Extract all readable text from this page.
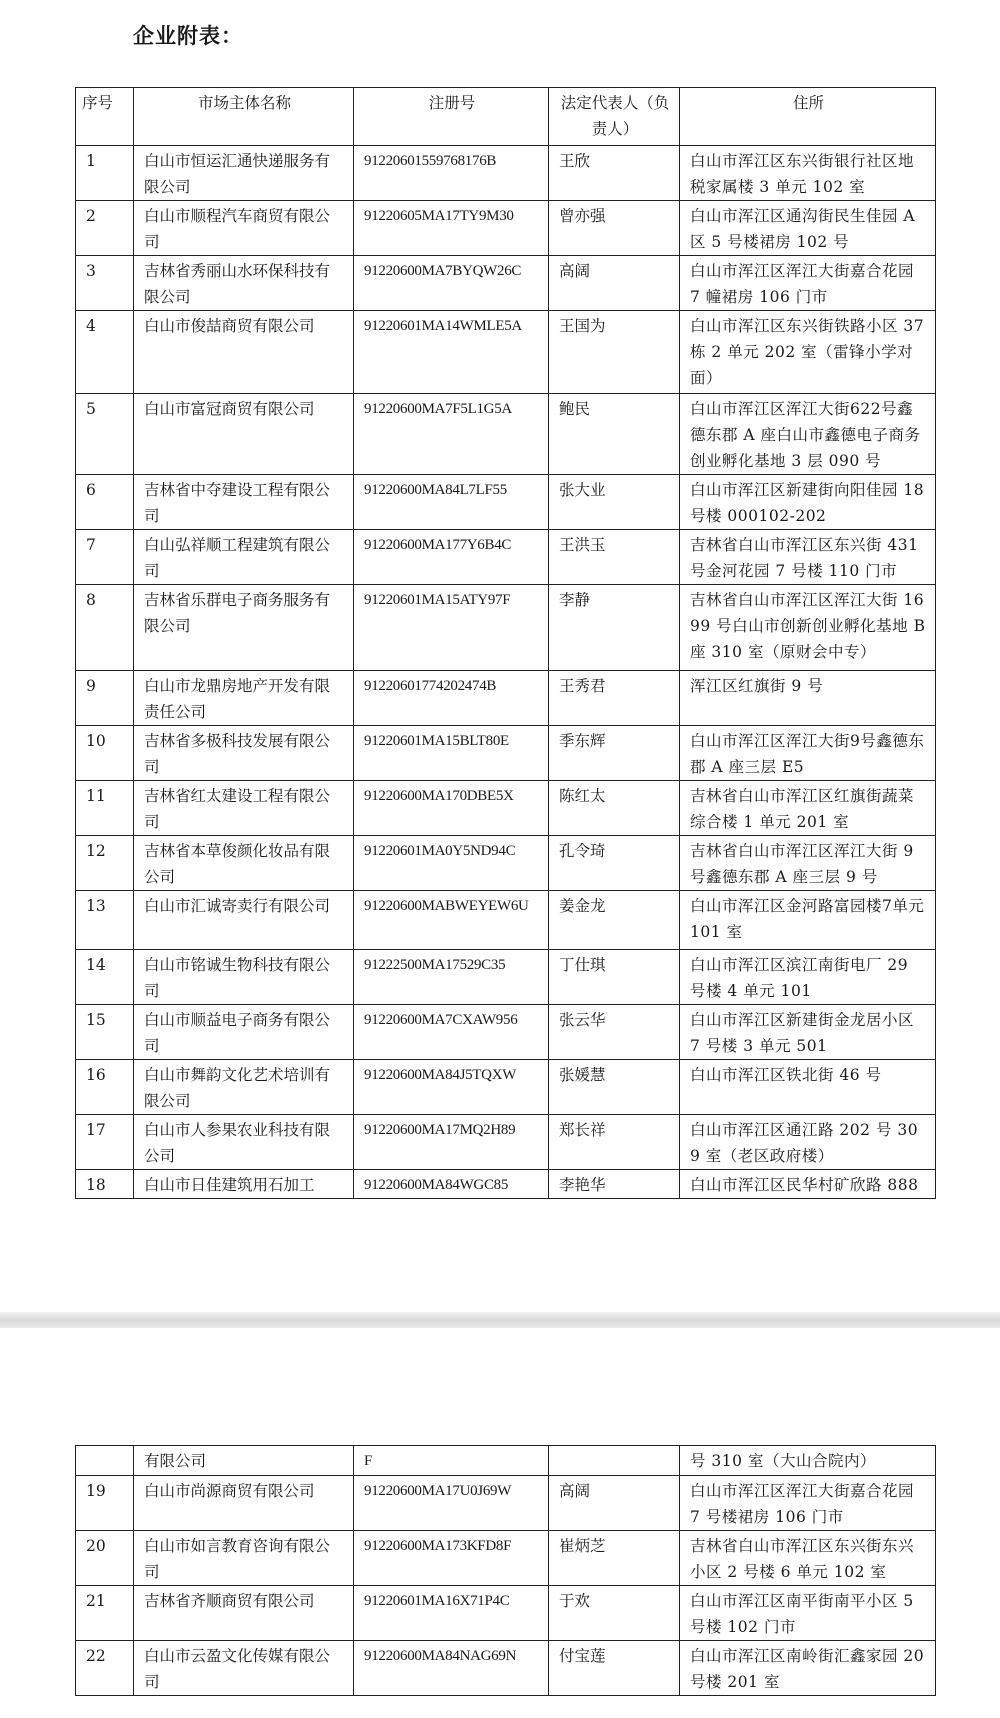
企业附表：
序号	市场主体名称	注册号	法定代表人（负责人）	住所
1	白山市恒运汇通快递服务有限公司	91220601559768176B	王欣	白山市浑江区东兴街银行社区地税家属楼 3 单元 102 室
2	白山市顺程汽车商贸有限公司	91220605MA17TY9M30	曾亦强	白山市浑江区通沟街民生佳园 A 区 5 号楼裙房 102 号
3	吉林省秀丽山水环保科技有限公司	91220600MA7BYQW26C	高阔	白山市浑江区浑江大街嘉合花园 7 幢裙房 106 门市
4	白山市俊喆商贸有限公司	91220601MA14WMLE5A	王国为	白山市浑江区东兴街铁路小区 37 栋 2 单元 202 室（雷锋小学对面）
5	白山市富冠商贸有限公司	91220600MA7F5L1G5A	鲍民	白山市浑江区浑江大街622号鑫德东郡 A 座白山市鑫德电子商务创业孵化基地 3 层 090 号
6	吉林省中夺建设工程有限公司	91220600MA84L7LF55	张大业	白山市浑江区新建街向阳佳园 18 号楼 000102-202
7	白山弘祥顺工程建筑有限公司	91220600MA177Y6B4C	王洪玉	吉林省白山市浑江区东兴街 431 号金河花园 7 号楼 110 门市
8	吉林省乐群电子商务服务有限公司	91220601MA15ATY97F	李静	吉林省白山市浑江区浑江大街 1699 号白山市创新创业孵化基地 B 座 310 室（原财会中专）
9	白山市龙鼎房地产开发有限责任公司	91220601774202474B	王秀君	浑江区红旗街 9 号
10	吉林省多极科技发展有限公司	91220601MA15BLT80E	季东辉	白山市浑江区浑江大街9号鑫德东郡 A 座三层 E5
11	吉林省红太建设工程有限公司	91220600MA170DBE5X	陈红太	吉林省白山市浑江区红旗街蔬菜综合楼 1 单元 201 室
12	吉林省本草俊颜化妆品有限公司	91220601MA0Y5ND94C	孔令琦	吉林省白山市浑江区浑江大街 9 号鑫德东郡 A 座三层 9 号
13	白山市汇诚寄卖行有限公司	91220600MABWEYEW6U	姜金龙	白山市浑江区金河路富园楼7单元 101 室
14	白山市铭诚生物科技有限公司	91222500MA17529C35	丁仕琪	白山市浑江区滨江南街电厂 29 号楼 4 单元 101
15	白山市顺益电子商务有限公司	91220600MA7CXAW956	张云华	白山市浑江区新建街金龙居小区 7 号楼 3 单元 501
16	白山市舞韵文化艺术培训有限公司	91220600MA84J5TQXW	张媛慧	白山市浑江区铁北街 46 号
17	白山市人参果农业科技有限公司	91220600MA17MQ2H89	郑长祥	白山市浑江区通江路 202 号 309 室（老区政府楼）
18	白山市日佳建筑用石加工	91220600MA84WGC85	李艳华	白山市浑江区民华村矿欣路 888
	有限公司	F		号 310 室（大山合院内）
19	白山市尚源商贸有限公司	91220600MA17U0J69W	高阔	白山市浑江区浑江大街嘉合花园 7 号楼裙房 106 门市
20	白山市如言教育咨询有限公司	91220600MA173KFD8F	崔炳芝	吉林省白山市浑江区东兴街东兴小区 2 号楼 6 单元 102 室
21	吉林省齐顺商贸有限公司	91220601MA16X71P4C	于欢	白山市浑江区南平街南平小区 5 号楼 102 门市
22	白山市云盈文化传媒有限公司	91220600MA84NAG69N	付宝莲	白山市浑江区南岭街汇鑫家园 20 号楼 201 室
